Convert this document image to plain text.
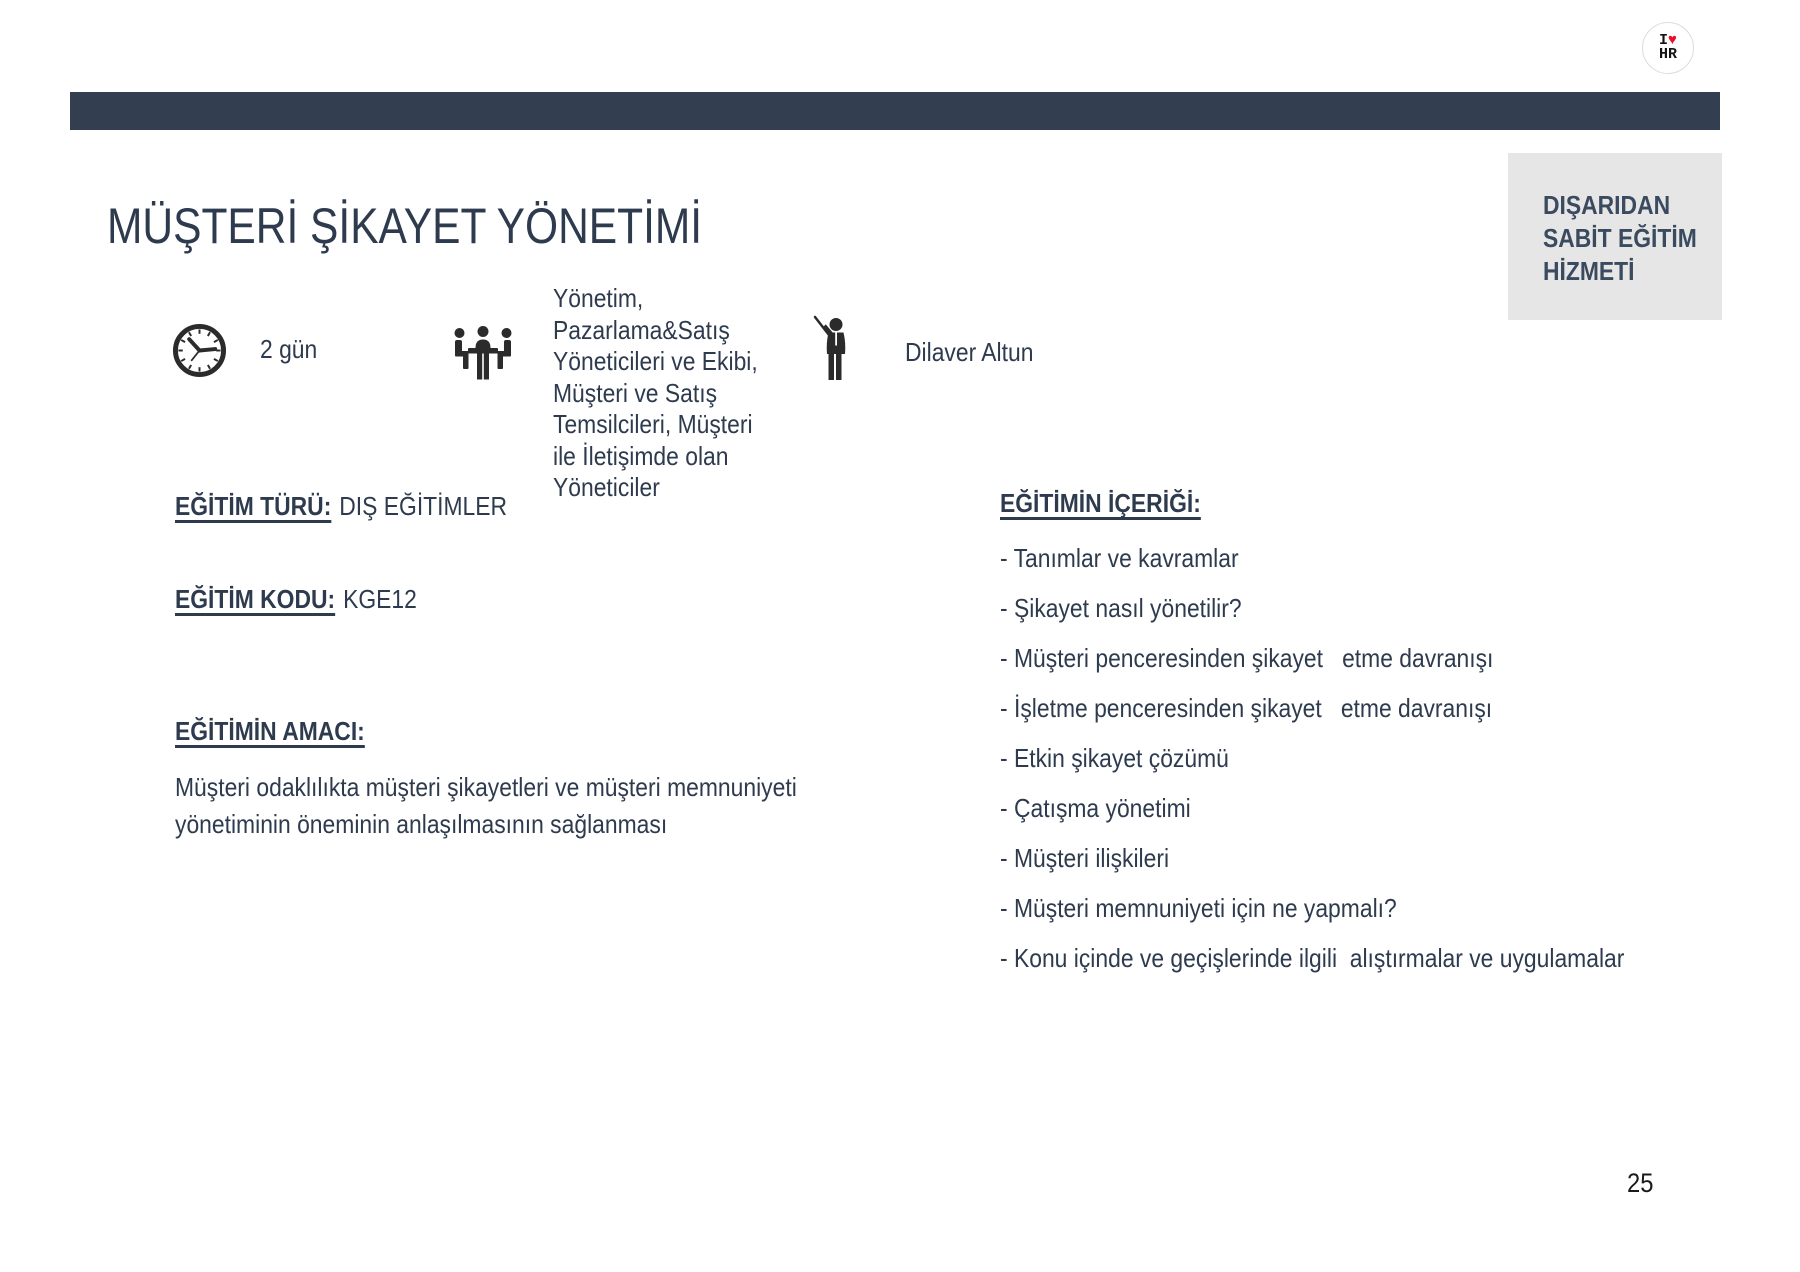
I♥
HR
MÜŞTERİ ŞİKAYET YÖNETİMİ	DIŞARIDAN SABİT EĞİTİM HİZMETİ
2 gün
Yönetim, Pazarlama&Satış Yöneticileri ve Ekibi, Müşteri ve Satış Temsilcileri, Müşteri ile İletişimde olan Yöneticiler
Dilaver Altun
EĞİTİM TÜRÜ: DIŞ EĞİTİMLER
EĞİTİM KODU: KGE12
EĞİTİMİN AMACI:
Müşteri odaklılıkta müşteri şikayetleri ve müşteri memnuniyeti yönetiminin öneminin anlaşılmasının sağlanması
EĞİTİMİN İÇERİĞİ:
- Tanımlar ve kavramlar
- Şikayet nasıl yönetilir?
- Müşteri penceresinden şikayet   etme davranışı
- İşletme penceresinden şikayet   etme davranışı
- Etkin şikayet çözümü
- Çatışma yönetimi
- Müşteri ilişkileri
- Müşteri memnuniyeti için ne yapmalı?
- Konu içinde ve geçişlerinde ilgili  alıştırmalar ve uygulamalar
25
